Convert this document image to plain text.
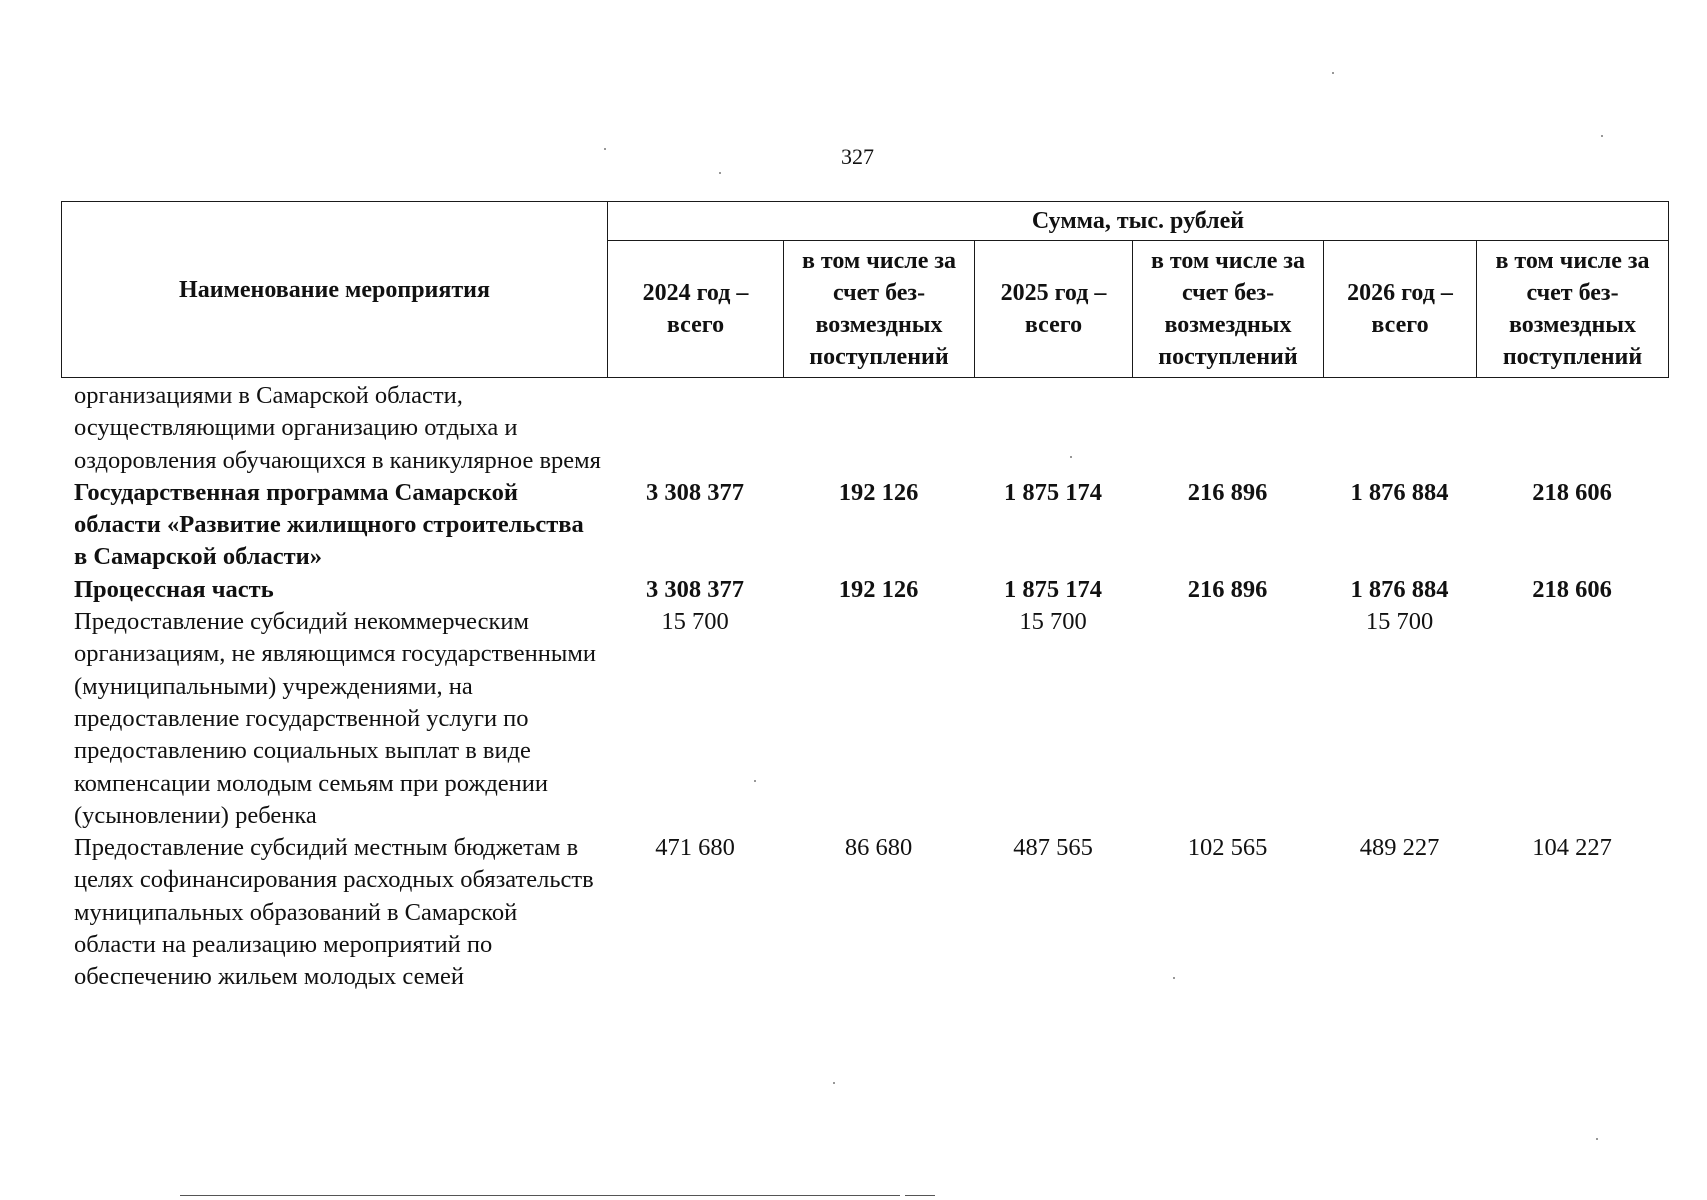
327
Наименование мероприятия	Сумма, тыс. рублей					
	2024 год – всего	в том числе за счет без-возмездных поступлений	2025 год – всего	в том числе за счет без-возмездных поступлений	2026 год – всего	в том числе за счет без-возмездных поступлений
организациями в Самарской области, осуществляющими организацию отдыха и оздоровления обучающихся в каникулярное время						
Государственная программа Самарской области «Развитие жилищного строительства в Самарской области»	3 308 377	192 126	1 875 174	216 896	1 876 884	218 606
Процессная часть	3 308 377	192 126	1 875 174	216 896	1 876 884	218 606
Предоставление субсидий некоммерческим организациям, не являющимся государственными (муниципальными) учреждениями, на предоставление государственной услуги по предоставлению социальных выплат в виде компенсации молодым семьям при рождении (усыновлении) ребенка	15 700		15 700		15 700	
Предоставление субсидий местным бюджетам в целях софинансирования расходных обязательств муниципальных образований в Самарской области на реализацию мероприятий по обеспечению жильем молодых семей	471 680	86 680	487 565	102 565	489 227	104 227
